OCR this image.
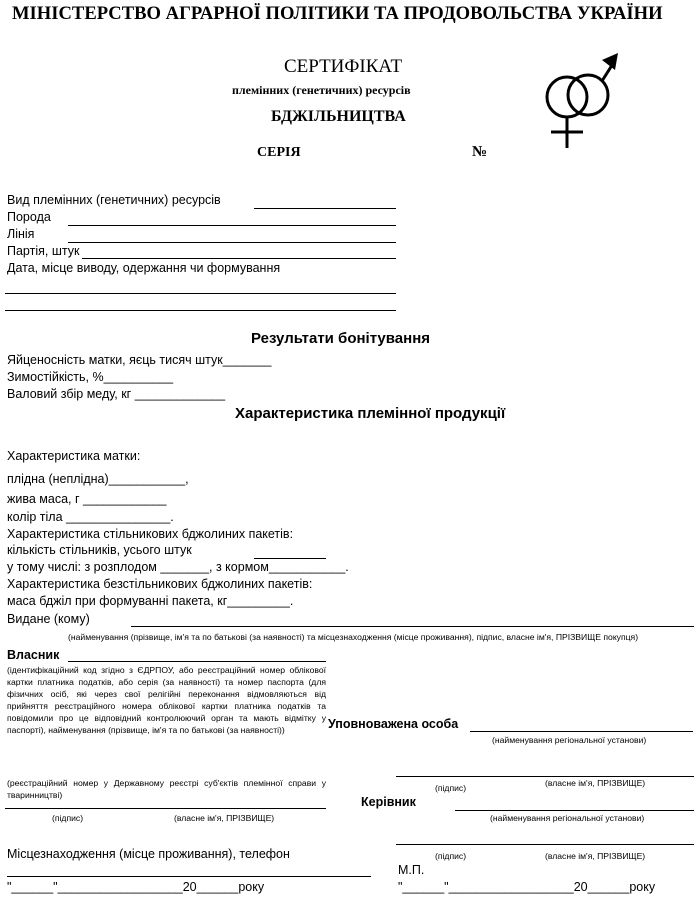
МІНІСТЕРСТВО АГРАРНОЇ ПОЛІТИКИ ТА ПРОДОВОЛЬСТВА УКРАЇНИ
СЕРТИФІКАТ
племінних (генетичних) ресурсів
БДЖІЛЬНИЦТВА
СЕРІЯ	№
Вид племінних (генетичних) ресурсів
Порода
Лінія
Партія, штук
Дата, місце виводу, одержання чи формування
Результати бонітування
Яйценосність матки, яєць тисяч штук_______
Зимостійкість, %__________
Валовий збір меду, кг _____________
Характеристика племінної продукції
Характеристика матки:
плідна (неплідна)___________,
жива маса, г ____________
колір тіла _______________.
Характеристика стільникових бджолиних пакетів:
кількість стільників, усього штук
у тому числі: з розплодом _______, з кормом___________.
Характеристика безстільникових бджолиних пакетів:
маса бджіл при формуванні пакета, кг_________.
Видане (кому)
(найменування (прізвище, ім'я та по батькові (за наявності) та місцезнаходження (місце проживання), підпис, власне ім'я, ПРІЗВИЩЕ покупця)
Власник
(ідентифікаційний код згідно з ЄДРПОУ, або реєстраційний номер облікової картки платника податків, або серія (за наявності) та номер паспорта (для фізичних осіб, які через свої релігійні переконання відмовляються від прийняття реєстраційного номера облікової картки платника податків та повідомили про це відповідний контролюючий орган та мають відмітку у паспорті), найменування (прізвище, ім'я та по батькові (за наявності))
(реєстраційний номер у Державному реєстрі суб'єктів племінної справи у тваринництві)
(підпис)	(власне ім'я, ПРІЗВИЩЕ)
Уповноважена особа
(найменування регіональної установи)
(підпис)	(власне ім'я, ПРІЗВИЩЕ)
Керівник
(найменування регіональної установи)
(підпис)	(власне ім'я, ПРІЗВИЩЕ)
Місцезнаходження (місце проживання), телефон
"______"__________________20______року
М.П.
"______"__________________20______року
